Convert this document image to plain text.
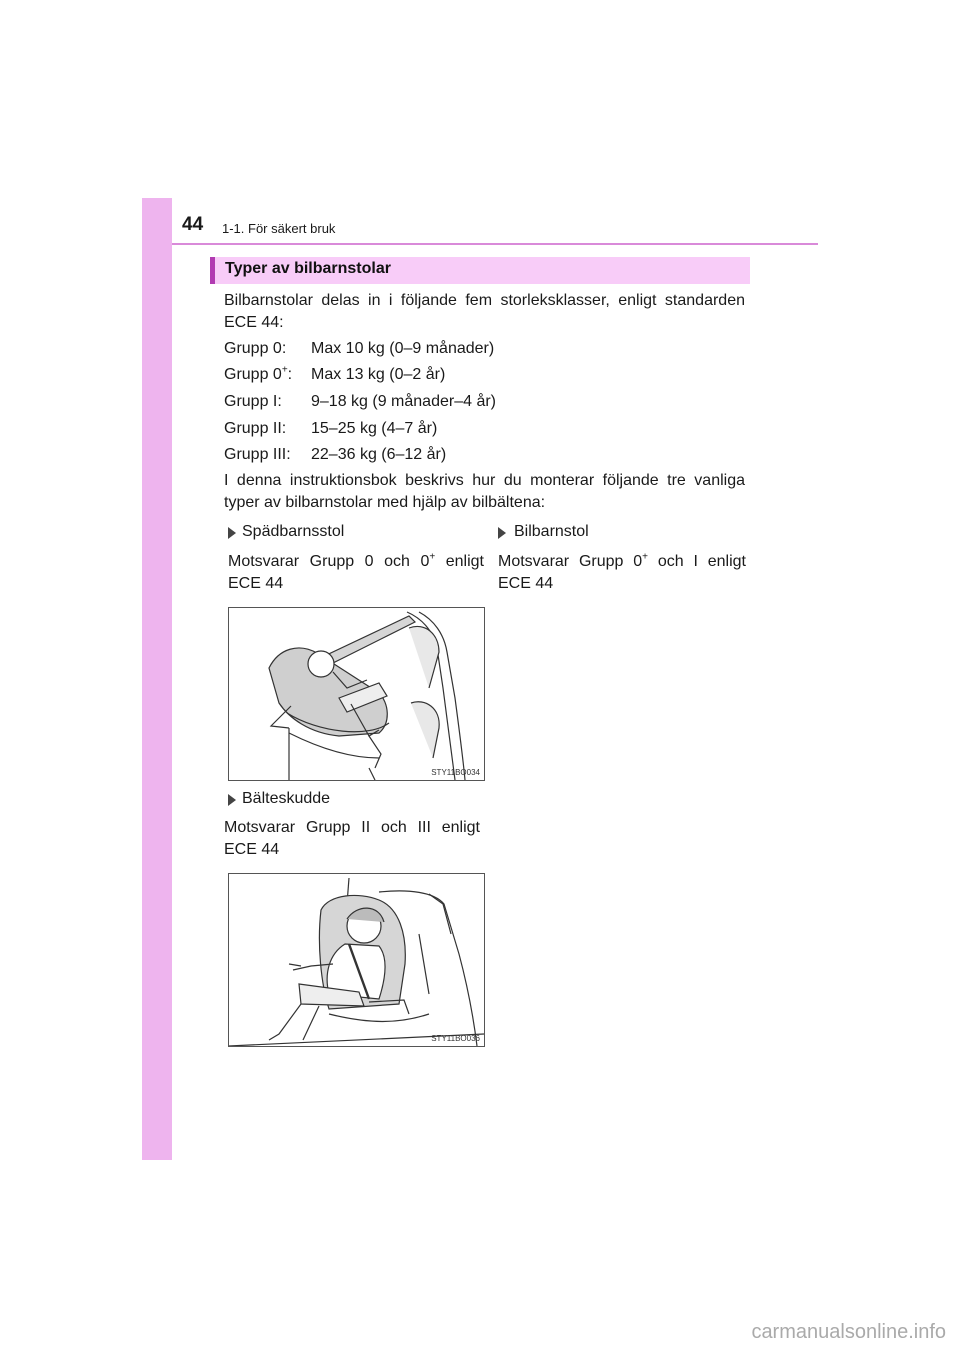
44 1-1. För säkert bruk
Typer av bilbarnstolar
Bilbarnstolar delas in i följande fem storleksklasser, enligt standarden ECE 44:
Grupp 0: Max 10 kg (0–9 månader)
Grupp 0+: Max 13 kg (0–2 år)
Grupp I: 9–18 kg (9 månader–4 år)
Grupp II: 15–25 kg (4–7 år)
Grupp III: 22–36 kg (6–12 år)
I denna instruktionsbok beskrivs hur du monterar följande tre vanliga typer av bilbarnstolar med hjälp av bilbältena:
Spädbarnsstol
Motsvarar Grupp 0 och 0+ enligt ECE 44
STY11BO034
Bälteskudde
Motsvarar Grupp II och III enligt ECE 44
STY11BO036
Bilbarnstol
Motsvarar Grupp 0+ och I enligt ECE 44
carmanualsonline.info
